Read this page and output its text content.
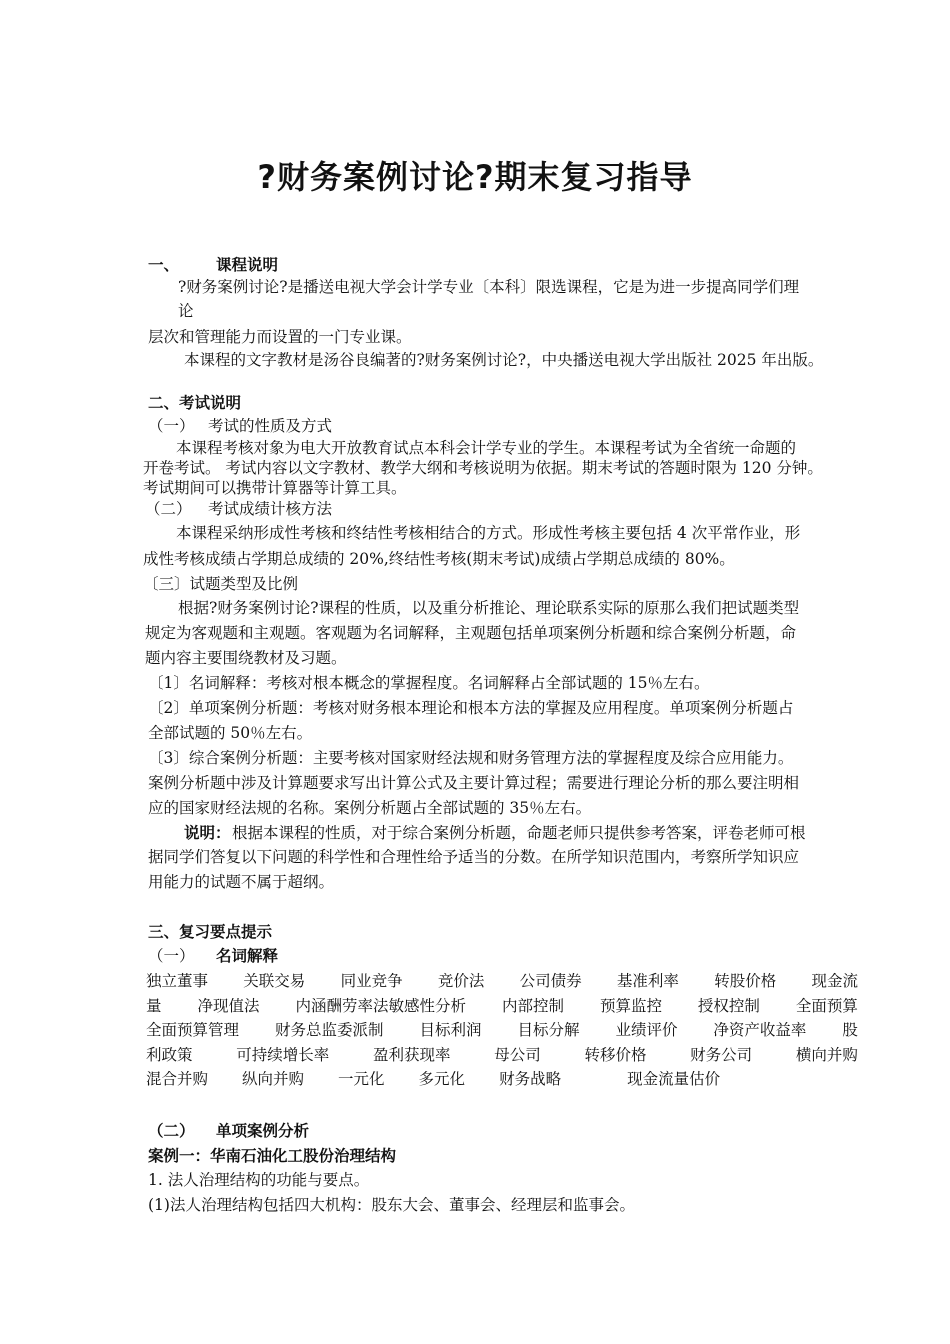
?财务案例讨论?期末复习指导
一、 课程说明
?财务案例讨论?是播送电视大学会计学专业〔本科〕限选课程，它是为进一步提高同学们理
论
层次和管理能力而设置的一门专业课。
本课程的文字教材是汤谷良编著的?财务案例讨论?，中央播送电视大学出版社 2025 年出版。
二、考试说明
（一） 考试的性质及方式
本课程考核对象为电大开放教育试点本科会计学专业的学生。本课程考试为全省统一命题的
开卷考试。 考试内容以文字教材、教学大纲和考核说明为依据。期末考试的答题时限为 120 分钟。
考试期间可以携带计算器等计算工具。
（二） 考试成绩计核方法
本课程采纳形成性考核和终结性考核相结合的方式。形成性考核主要包括 4 次平常作业，形
成性考核成绩占学期总成绩的 20%,终结性考核(期末考试)成绩占学期总成绩的 80%。
〔三〕试题类型及比例
根据?财务案例讨论?课程的性质，以及重分析推论、理论联系实际的原那么我们把试题类型
规定为客观题和主观题。客观题为名词解释，主观题包括单项案例分析题和综合案例分析题，命
题内容主要围绕教材及习题。
〔1〕名词解释：考核对根本概念的掌握程度。名词解释占全部试题的 15％左右。
〔2〕单项案例分析题：考核对财务根本理论和根本方法的掌握及应用程度。单项案例分析题占
全部试题的 50％左右。
〔3〕综合案例分析题：主要考核对国家财经法规和财务管理方法的掌握程度及综合应用能力。
案例分析题中涉及计算题要求写出计算公式及主要计算过程；需要进行理论分析的那么要注明相
应的国家财经法规的名称。案例分析题占全部试题的 35％左右。
说明： 根据本课程的性质，对于综合案例分析题，命题老师只提供参考答案，评卷老师可根
据同学们答复以下问题的科学性和合理性给予适当的分数。在所学知识范围内，考察所学知识应
用能力的试题不属于超纲。
三、复习要点提示
（一） 名词解释
独立董事 关联交易 同业竞争 竞价法 公司债券 基准利率 转股价格 现金流
量 净现值法 内涵酬劳率法敏感性分析 内部控制 预算监控 授权控制 全面预算
全面预算管理 财务总监委派制 目标利润 目标分解 业绩评价 净资产收益率 股
利政策	可持续增长率	盈利获现率	母公司	转移价格	财务公司	横向并购
混合并购 纵向并购 一元化 多元化 财务战略	现金流量估价
（二） 单项案例分析
案例一：华南石油化工股份治理结构
1. 法人治理结构的功能与要点。
(1)法人治理结构包括四大机构：股东大会、董事会、经理层和监事会。
